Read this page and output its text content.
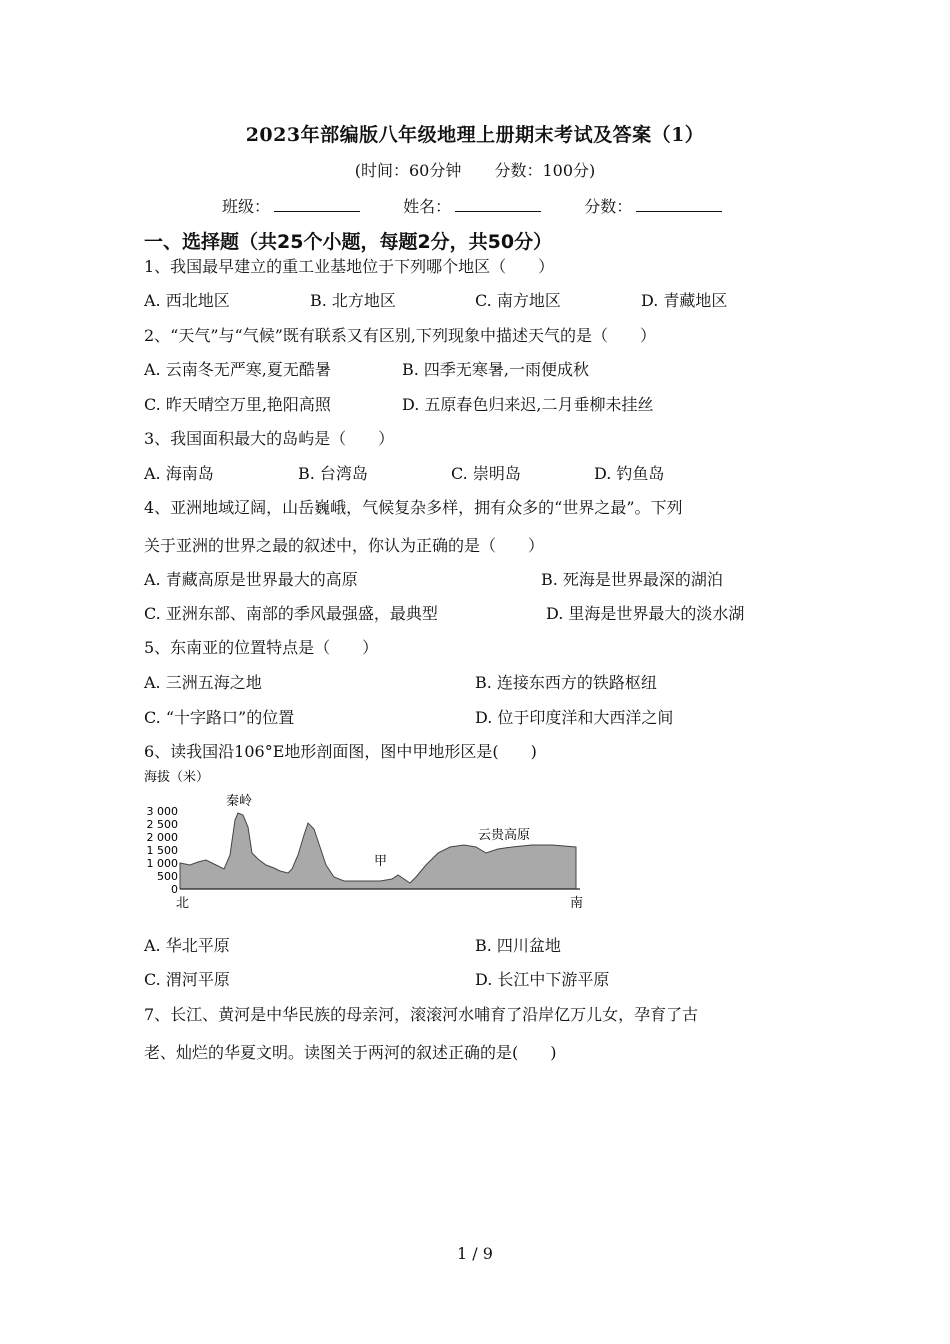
2023年部编版八年级地理上册期末考试及答案（1）
(时间：60分钟 分数：100分)
班级：	姓名：	分数：
一、选择题（共25个小题，每题2分，共50分）
1、我国最早建立的重工业基地位于下列哪个地区（　　）
A. 西北地区	B. 北方地区	C. 南方地区	D. 青藏地区
2、“天气”与“气候”既有联系又有区别,下列现象中描述天气的是（　　）
A. 云南冬无严寒,夏无酷暑	B. 四季无寒暑,一雨便成秋
C. 昨天晴空万里,艳阳高照	D. 五原春色归来迟,二月垂柳未挂丝
3、我国面积最大的岛屿是（　　）
A. 海南岛	B. 台湾岛	C. 崇明岛	D. 钓鱼岛
4、亚洲地域辽阔，山岳巍峨，气候复杂多样，拥有众多的“世界之最”。下列
关于亚洲的世界之最的叙述中，你认为正确的是（　　）
A. 青藏高原是世界最大的高原	B. 死海是世界最深的湖泊
C. 亚洲东部、南部的季风最强盛，最典型	D. 里海是世界最大的淡水湖
5、东南亚的位置特点是（　　）
A. 三洲五海之地	B. 连接东西方的铁路枢纽
C. “十字路口”的位置	D. 位于印度洋和大西洋之间
6、读我国沿106°E地形剖面图，图中甲地形区是(　　)
海拔（米）
3 000
2 500
2 000
1 500
1 000
500
0
秦岭
甲
云贵高原
北	南
A. 华北平原	B. 四川盆地
C. 渭河平原	D. 长江中下游平原
7、长江、黄河是中华民族的母亲河，滚滚河水哺育了沿岸亿万儿女，孕育了古
老、灿烂的华夏文明。读图关于两河的叙述正确的是(　　)
1 / 9
